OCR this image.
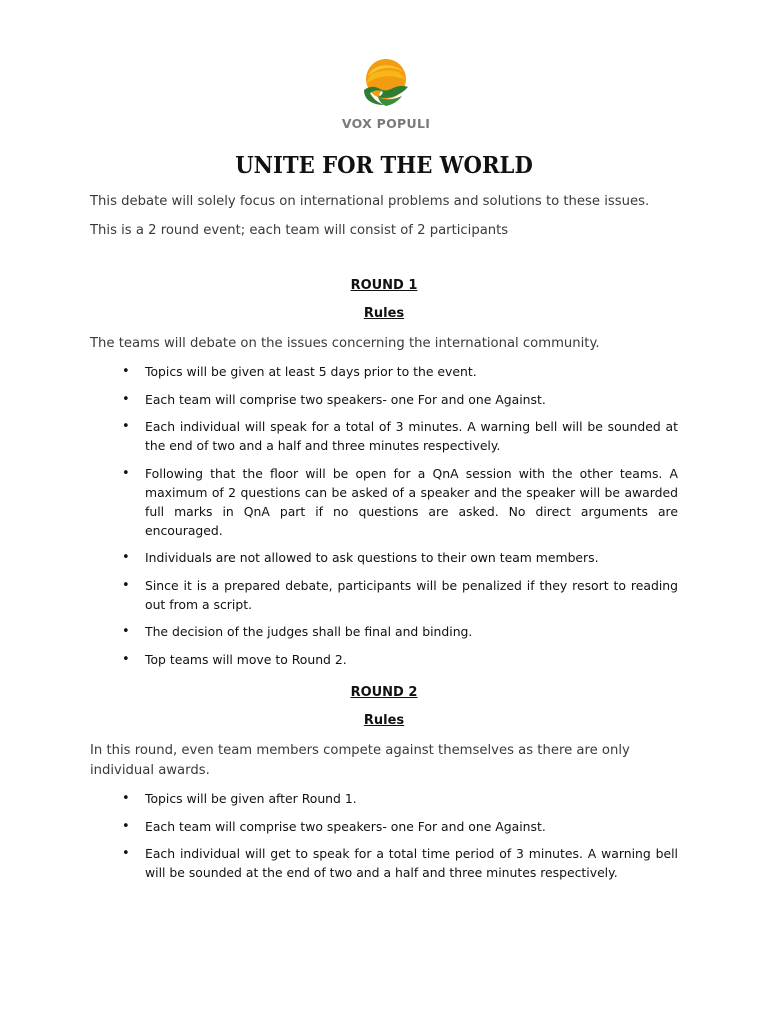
VOX POPULI
UNITE FOR THE WORLD
This debate will solely focus on international problems and solutions to these issues.
This is a 2 round event; each team will consist of 2 participants
ROUND 1
Rules
The teams will debate on the issues concerning the international community.
• Topics will be given at least 5 days prior to the event.
• Each team will comprise two speakers- one For and one Against.
• Each individual will speak for a total of 3 minutes. A warning bell will be sounded at the end of two and a half and three minutes respectively.
• Following that the floor will be open for a QnA session with the other teams. A maximum of 2 questions can be asked of a speaker and the speaker will be awarded full marks in QnA part if no questions are asked. No direct arguments are encouraged.
• Individuals are not allowed to ask questions to their own team members.
• Since it is a prepared debate, participants will be penalized if they resort to reading out from a script.
• The decision of the judges shall be final and binding.
• Top teams will move to Round 2.
ROUND 2
Rules
In this round, even team members compete against themselves as there are only individual awards.
• Topics will be given after Round 1.
• Each team will comprise two speakers- one For and one Against.
• Each individual will get to speak for a total time period of 3 minutes. A warning bell will be sounded at the end of two and a half and three minutes respectively.
